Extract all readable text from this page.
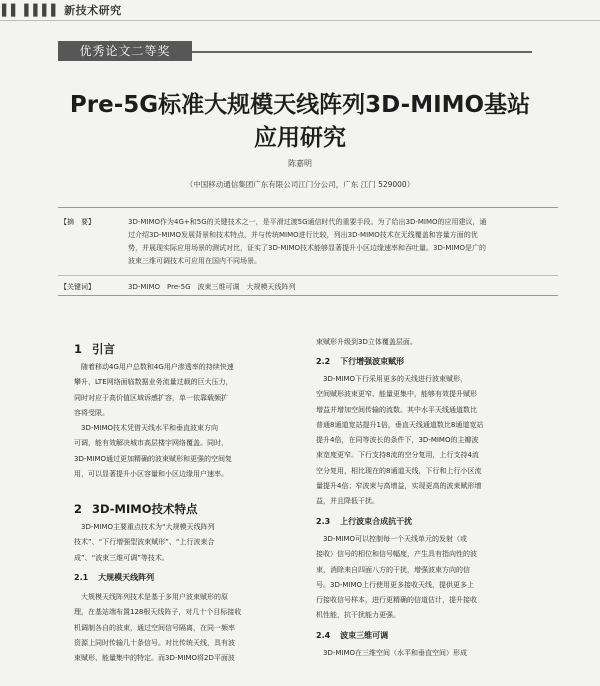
▌▌ ▌▌▌▌ 新技术研究
优秀论文二等奖
Pre-5G标准大规模天线阵列3D-MIMO基站
应用研究
陈嘉明
（中国移动通信集团广东有限公司江门分公司，广东 江门 529000）
【摘　要】	3D-MIMO作为4G+和5G的关键技术之一，是平滑过渡5G通信时代的重要手段。为了给出3D-MIMO的应用建议，通

过介绍3D-MIMO发展背景和技术特点，并与传统MIMO进行比较，列出3D-MIMO技术在无线覆盖和容量方面的优

势，并展现实际应用场景的测试对比，证实了3D-MIMO技术能够显著提升小区边缘速率和吞吐量。3D-MIMO是广的

波束三维可调技术可应用在国内不同场景。

【关键词】	3D-MIMO　Pre-5G　波束三维可调　大规模天线阵列
1 引言

　随着移动4G用户总数和4G用户渗透率的持续快速

攀升，LTE网络面临数据业务流量过载的巨大压力，

同时对应于高价值区域诉感扩容，单一依靠载频扩

容将受限。

　3D-MIMO技术凭借天线水平和垂直波束方向

可调，能有效解决城市高层楼宇网络覆盖。同时，

3D-MIMO通过更加精确的波束赋形和更强的空间复

用，可以显著提升小区容量和小区边缘用户速率。

2 3D-MIMO技术特点

　3D-MIMO主要重点技术为“大规模天线阵列

技术”、“下行增强型波束赋形”、“上行波束合

成”、“波束三维可调”等技术。

2.1 大规模天线阵列

　大规模天线阵列技术是基于多用户波束赋形的原

理，在基站端布置128根天线阵子，对几十个目标接收

机调制各自的波束，通过空间信号隔离，在同一频率

资源上同时传输几十条信号。对比传统天线，具有波

束赋形、能量集中的特定。而3D-MIMO将2D平面波

束赋形升级到3D立体覆盖层面。

2.2 下行增强波束赋形

　3D-MIMO下行采用更多的天线进行波束赋形，

空间赋形波束更窄、能量更集中，能够有效提升赋形

增益并增加空间传输的流数。其中水平天线通道数比

普通8通道宽站提升1倍，垂直天线通道数比8通道宽站

提升4倍，在同等波长的条件下，3D-MIMO的主瓣波

束宽度更窄。下行支持8流的空分复用，上行支持4流

空分复用，相比现在的8通道天线，下行和上行小区流

量提升4倍；窄波束与高增益，实现更高的波束赋形增

益，并且降低干扰。

2.3 上行波束合成抗干扰

　3D-MIMO可以控制每一个天线单元的发射（或

接收）信号的相位和信号幅度，产生具有指向性的波

束，消除来自四面八方的干扰，增强波束方向的信

号。3D-MIMO上行使用更多接收天线，提供更多上

行接收信号样本，进行更精确的信道估计，提升接收

机性能，抗干扰能力更强。

2.4 波束三维可调

　3D-MIMO在三维空间（水平和垂直空间）形成
